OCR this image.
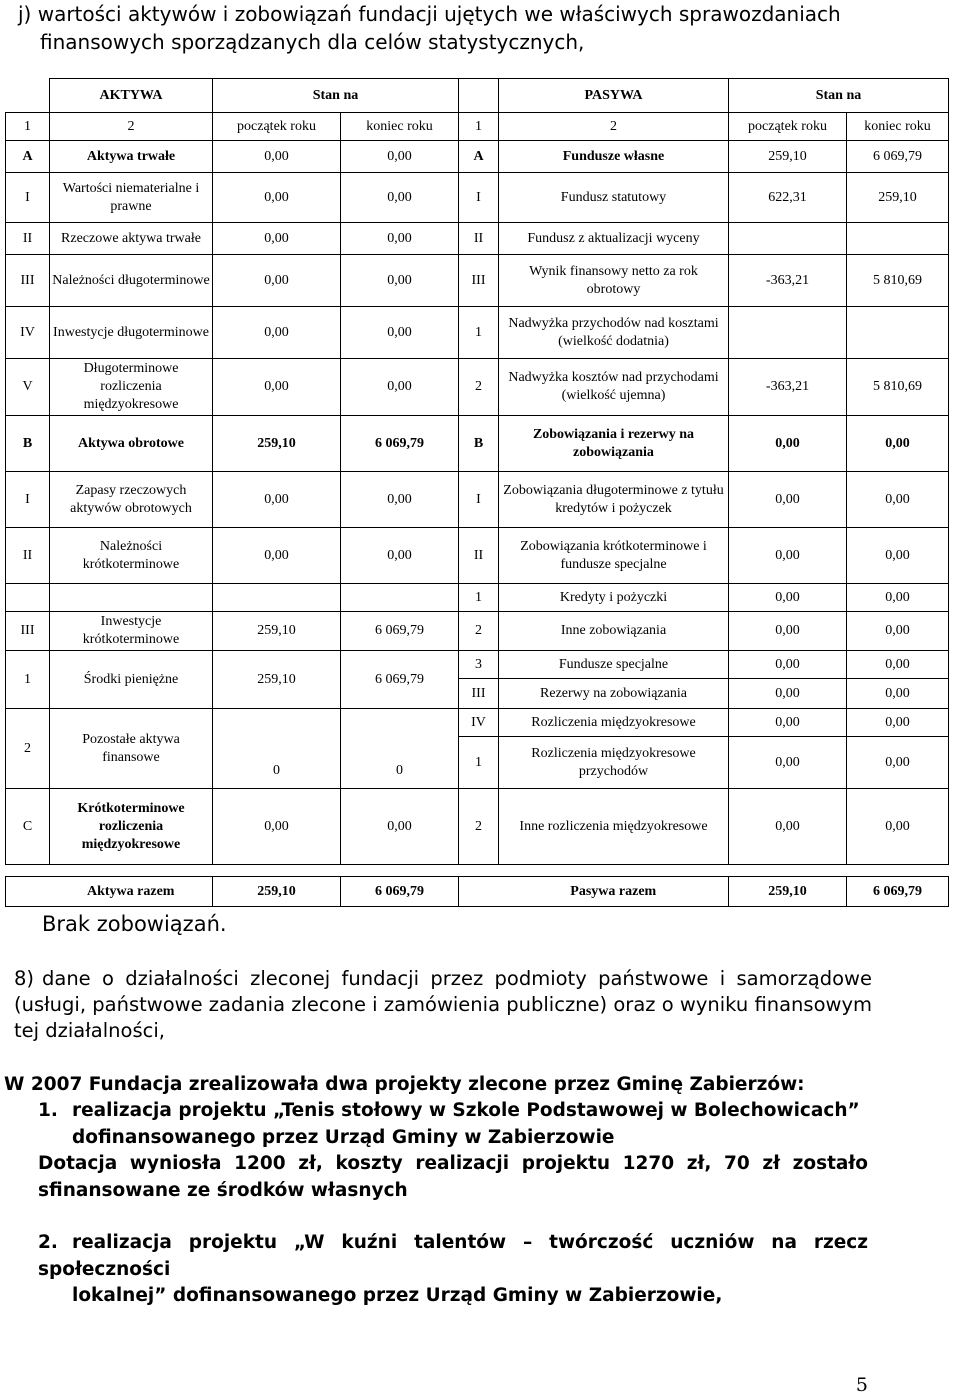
j) wartości aktywów i zobowiązań fundacji ujętych we właściwych sprawozdaniach
finansowych sporządzanych dla celów statystycznych,
	AKTYWA	Stan na			PASYWA	Stan na	
1	2	początek roku	koniec roku	1	2	początek roku	koniec roku
A	Aktywa trwałe	0,00	0,00	A	Fundusze własne	259,10	6 069,79
I	Wartości niematerialne i prawne	0,00	0,00	I	Fundusz statutowy	622,31	259,10
II	Rzeczowe aktywa trwałe	0,00	0,00	II	Fundusz z aktualizacji wyceny		
III	Należności długoterminowe	0,00	0,00	III	Wynik finansowy netto za rok obrotowy	-363,21	5 810,69
IV	Inwestycje długoterminowe	0,00	0,00	1	Nadwyżka przychodów nad kosztami (wielkość dodatnia)		
V	Długoterminowe rozliczenia międzyokresowe	0,00	0,00	2	Nadwyżka kosztów nad przychodami (wielkość ujemna)	-363,21	5 810,69
B	Aktywa obrotowe	259,10	6 069,79	B	Zobowiązania i rezerwy na zobowiązania	0,00	0,00
I	Zapasy rzeczowych aktywów obrotowych	0,00	0,00	I	Zobowiązania długoterminowe z tytułu kredytów i pożyczek	0,00	0,00
II	Należności krótkoterminowe	0,00	0,00	II	Zobowiązania krótkoterminowe i fundusze specjalne	0,00	0,00
				1	Kredyty i pożyczki	0,00	0,00
III	Inwestycje krótkoterminowe	259,10	6 069,79	2	Inne zobowiązania	0,00	0,00
1	Środki pieniężne	259,10	6 069,79	3	Fundusze specjalne	0,00	0,00
				III	Rezerwy na zobowiązania	0,00	0,00
2	Pozostałe aktywa finansowe	0	0	IV	Rozliczenia międzyokresowe	0,00	0,00
				1	Rozliczenia międzyokresowe przychodów	0,00	0,00
C	Krótkoterminowe rozliczenia międzyokresowe	0,00	0,00	2	Inne rozliczenia międzyokresowe	0,00	0,00

	Aktywa razem	259,10	6 069,79		Pasywa razem	259,10	6 069,79
Brak zobowiązań.
8) dane o działalności zleconej fundacji przez podmioty państwowe i samorządowe (usługi, państwowe zadania zlecone i zamówienia publiczne) oraz o wyniku finansowym tej działalności,
W 2007 Fundacja zrealizowała dwa projekty zlecone przez Gminę Zabierzów:
1. realizacja projektu „Tenis stołowy w Szkole Podstawowej w Bolechowicach”
dofinansowanego przez Urząd Gminy w Zabierzowie
Dotacja wyniosła 1200 zł, koszty realizacji projektu 1270 zł, 70 zł zostało sfinansowane ze środków własnych
2. realizacja projektu „W kuźni talentów – twórczość uczniów na rzecz społeczności
lokalnej” dofinansowanego przez Urząd Gminy w Zabierzowie,
5
